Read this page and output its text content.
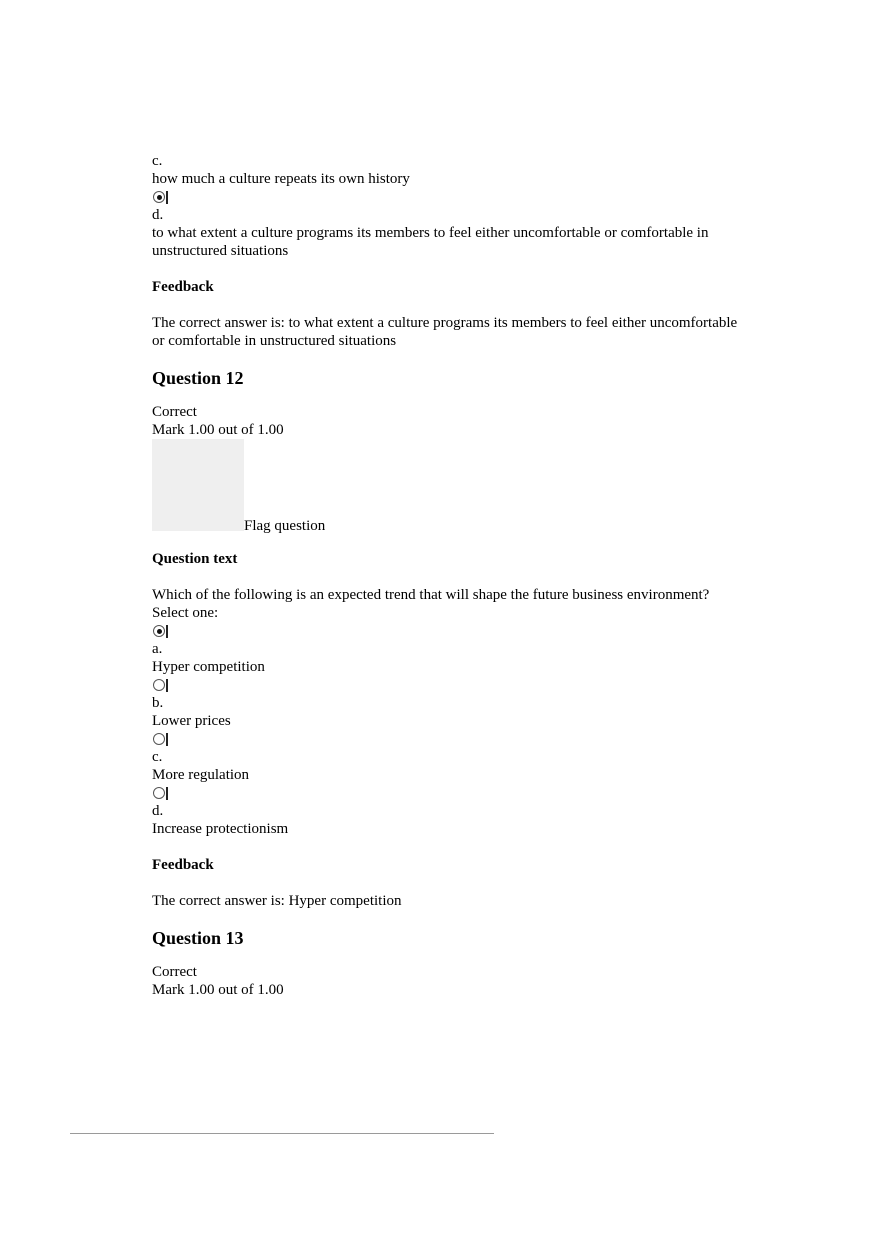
c.
how much a culture repeats its own history
d.
to what extent a culture programs its members to feel either uncomfortable or comfortable in unstructured situations
Feedback
The correct answer is: to what extent a culture programs its members to feel either uncomfortable or comfortable in unstructured situations
Question 12
Correct
Mark 1.00 out of 1.00
Flag question
Question text
Which of the following is an expected trend that will shape the future business environment?
Select one:
a.
Hyper competition
b.
Lower prices
c.
More regulation
d.
Increase protectionism
Feedback
The correct answer is: Hyper competition
Question 13
Correct
Mark 1.00 out of 1.00
